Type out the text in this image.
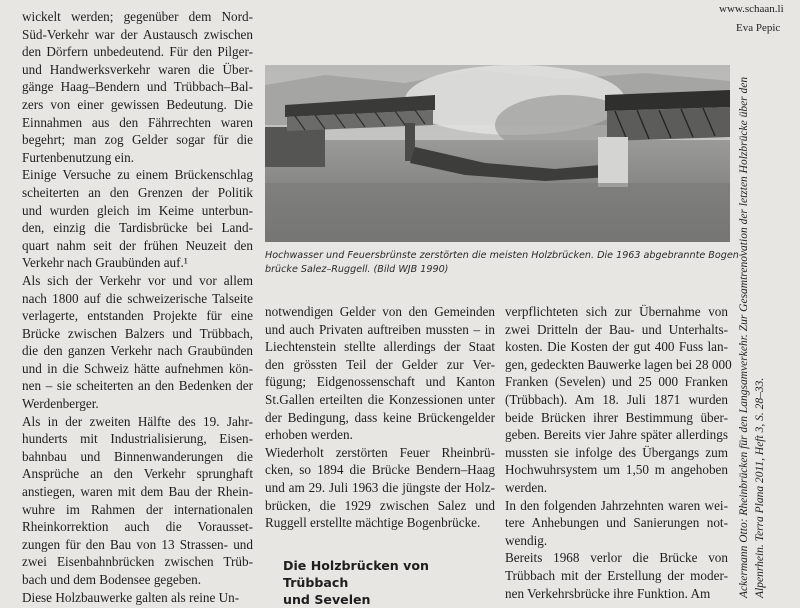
www.schaan.li
Eva Pepic
wickelt werden; gegenüber dem Nord-
Süd-Verkehr war der Austausch zwischen
den Dörfern unbedeutend. Für den Pilger-
und Handwerksverkehr waren die Über-
gänge Haag–Bendern und Trübbach–Bal-
zers von einer gewissen Bedeutung. Die
Einnahmen aus den Fährrechten waren
begehrt; man zog Gelder sogar für die
Furtenbenutzung ein.
Einige Versuche zu einem Brückenschlag
scheiterten an den Grenzen der Politik
und wurden gleich im Keime unterbun-
den, einzig die Tardisbrücke bei Land-
quart nahm seit der frühen Neuzeit den
Verkehr nach Graubünden auf.¹
Als sich der Verkehr vor und vor allem
nach 1800 auf die schweizerische Talseite
verlagerte, entstanden Projekte für eine
Brücke zwischen Balzers und Trübbach,
die den ganzen Verkehr nach Graubünden
und in die Schweiz hätte aufnehmen kön-
nen – sie scheiterten an den Bedenken der
Werdenberger.
Als in der zweiten Hälfte des 19. Jahr-
hunderts mit Industrialisierung, Eisen-
bahnbau und Binnenwanderungen die
Ansprüche an den Verkehr sprunghaft
anstiegen, waren mit dem Bau der Rhein-
wuhre im Rahmen der internationalen
Rheinkorrektion auch die Vorausset-
zungen für den Bau von 13 Strassen- und
zwei Eisenbahnbrücken zwischen Trüb-
bach und dem Bodensee gegeben.
Diese Holzbauwerke galten als reine Un-
Hochwasser und Feuersbrünste zerstörten die meisten Holzbrücken. Die 1963 abgebrannte Bogen-
brücke Salez–Ruggell. (Bild WJB 1990)
notwendigen Gelder von den Gemeinden
und auch Privaten auftreiben mussten – in
Liechtenstein stellte allerdings der Staat
den grössten Teil der Gelder zur Ver-
fügung; Eidgenossenschaft und Kanton
St.Gallen erteilten die Konzessionen unter
der Bedingung, dass keine Brückengelder
erhoben werden.
Wiederholt zerstörten Feuer Rheinbrü-
cken, so 1894 die Brücke Bendern–Haag
und am 29. Juli 1963 die jüngste der Holz-
brücken, die 1929 zwischen Salez und
Ruggell erstellte mächtige Bogenbrücke.
verpflichteten sich zur Übernahme von
zwei Dritteln der Bau- und Unterhalts-
kosten. Die Kosten der gut 400 Fuss lan-
gen, gedeckten Bauwerke lagen bei 28 000
Franken (Sevelen) und 25 000 Franken
(Trübbach). Am 18. Juli 1871 wurden
beide Brücken ihrer Bestimmung über-
geben. Bereits vier Jahre später allerdings
mussten sie infolge des Übergangs zum
Hochwuhrsystem um 1,50 m angehoben
werden.
In den folgenden Jahrzehnten waren wei-
tere Anhebungen und Sanierungen not-
wendig.
Bereits 1968 verlor die Brücke von
Trübbach mit der Erstellung der moder-
nen Verkehrsbrücke ihre Funktion. Am
Die Holzbrücken von Trübbach
und Sevelen
Ackermann Otto: Rheinbrücken für den Langsamverkehr. Zur Gesamtrenovation der letzten Holzbrücke über den Alpenrhein. Terra Plana 2011, Heft 3, S. 28–33.
